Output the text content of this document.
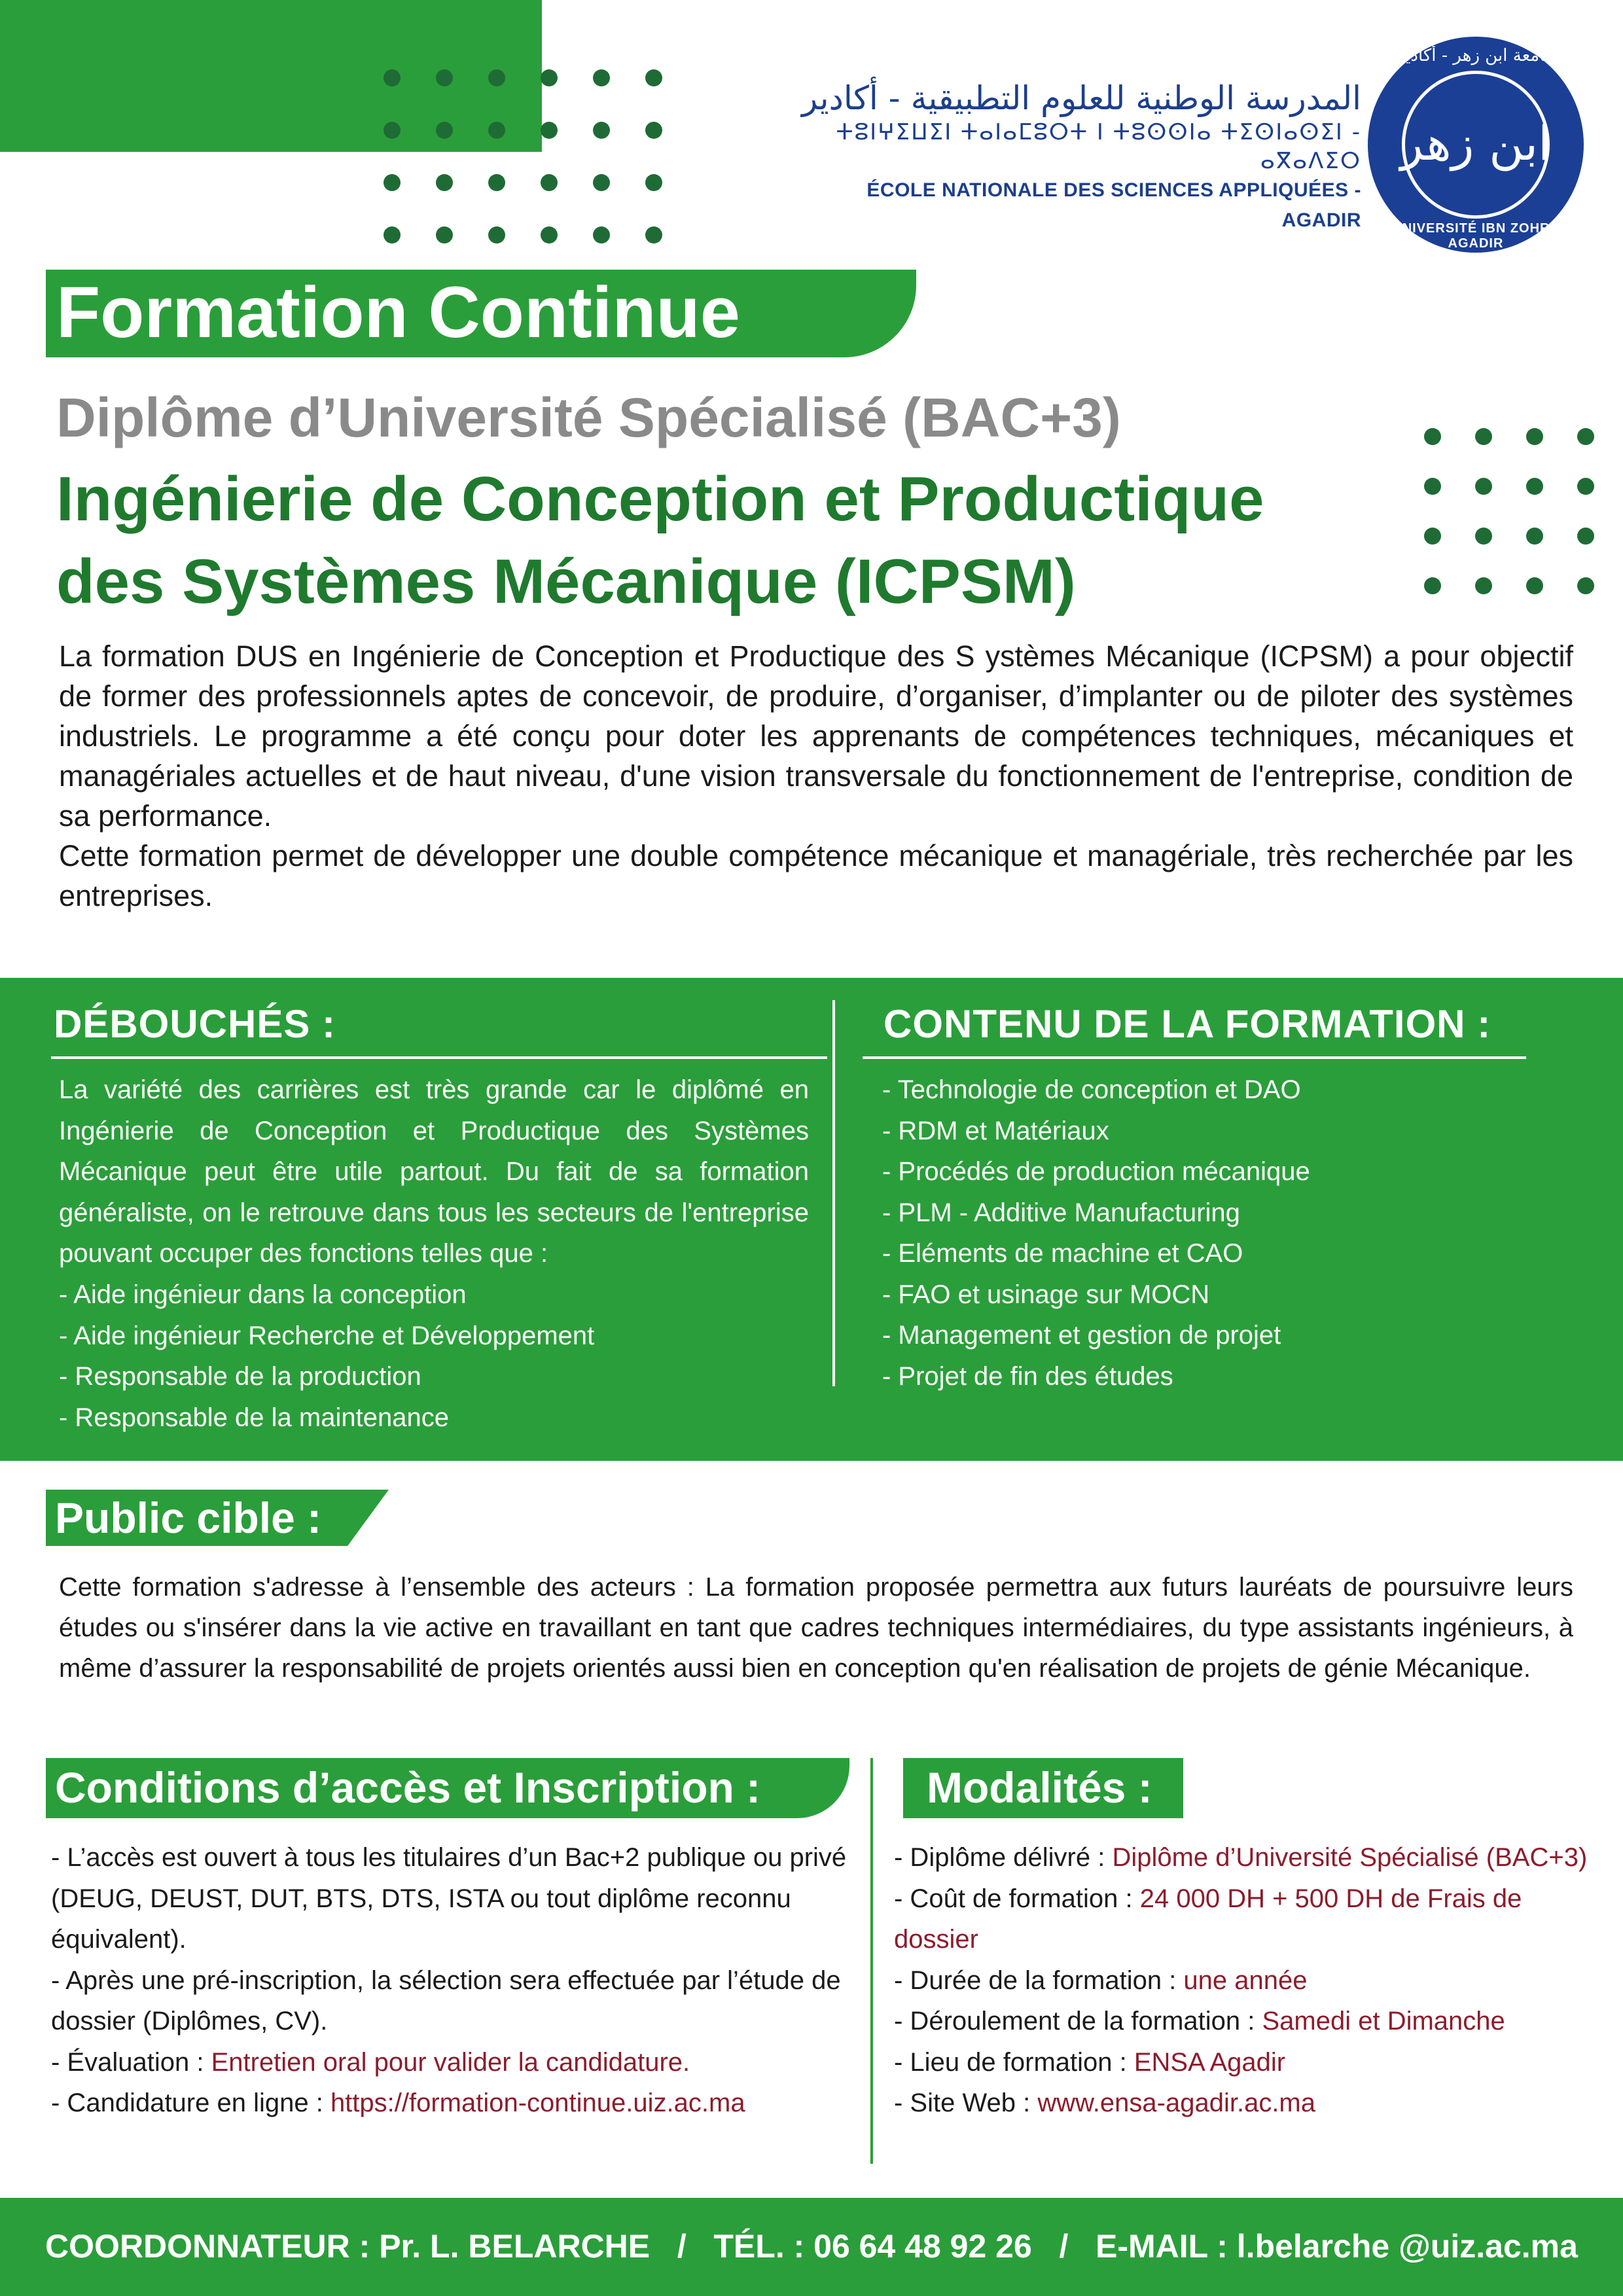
المدرسة الوطنية للعلوم التطبيقية - أكادير
ⵜⵓⵏⵖⵉⵡⵉⵏ ⵜⴰⵏⴰⵎⵓⵔⵜ ⵏ ⵜⵓⵙⵙⵏⴰ ⵜⵉⵙⵏⴰⵙⵉⵏ - ⴰⴳⴰⴷⵉⵔ
ÉCOLE NATIONALE DES SCIENCES APPLIQUÉES - AGADIR
جامعة ابن زهر - أكادير
ابن زهر
UNIVERSITÉ IBN ZOHR - AGADIR
Formation Continue
Diplôme d’Université Spécialisé (BAC+3)
Ingénierie de Conception et Productique
des Systèmes Mécanique (ICPSM)

La formation DUS en Ingénierie de Conception et Productique des S ystèmes Mécanique (ICPSM) a pour objectif de former des professionnels aptes de concevoir, de produire, d’organiser, d’implanter ou de piloter des systèmes industriels. Le programme a été conçu pour doter les apprenants de compétences techniques, mécaniques et managériales actuelles et de haut niveau, d'une vision transversale du fonctionnement de l'entreprise, condition de sa performance.

Cette formation permet de développer une double compétence mécanique et managériale, très recherchée par les entreprises.

DÉBOUCHÉS :	CONTENU DE LA FORMATION :
La variété des carrières est très grande car le diplômé en Ingénierie de Conception et Productique des Systèmes Mécanique peut être utile partout. Du fait de sa formation généraliste, on le retrouve dans tous les secteurs de l'entreprise pouvant occuper des fonctions telles que :
- Aide ingénieur dans la conception
- Aide ingénieur Recherche et Développement
- Responsable de la production
- Responsable de la maintenance
- Technologie de conception et DAO
- RDM et Matériaux
- Procédés de production mécanique
- PLM - Additive Manufacturing
- Eléments de machine et CAO
- FAO et usinage sur MOCN
- Management et gestion de projet
- Projet de fin des études
Public cible :
Cette formation s'adresse à l’ensemble des acteurs : La formation proposée permettra aux futurs lauréats de poursuivre leurs études ou s'insérer dans la vie active en travaillant en tant que cadres techniques intermédiaires, du type assistants ingénieurs, à même d’assurer la responsabilité de projets orientés aussi bien en conception qu'en réalisation de projets de génie Mécanique.
Conditions d’accès et Inscription :
- L’accès est ouvert à tous les titulaires d’un Bac+2 publique ou privé (DEUG, DEUST, DUT, BTS, DTS, ISTA ou tout diplôme reconnu équivalent).
- Après une pré-inscription, la sélection sera effectuée par l’étude de dossier (Diplômes, CV).
- Évaluation : Entretien oral pour valider la candidature.
- Candidature en ligne : https://formation-continue.uiz.ac.ma
Modalités :
- Diplôme délivré : Diplôme d’Université Spécialisé (BAC+3)
- Coût de formation : 24 000 DH + 500 DH de Frais de dossier
- Durée de la formation : une année
- Déroulement de la formation : Samedi et Dimanche
- Lieu de formation : ENSA Agadir
- Site Web : www.ensa-agadir.ac.ma
COORDONNATEUR : Pr. L. BELARCHE   /   TÉL. : 06 64 48 92 26   /   E-MAIL : l.belarche @uiz.ac.ma
